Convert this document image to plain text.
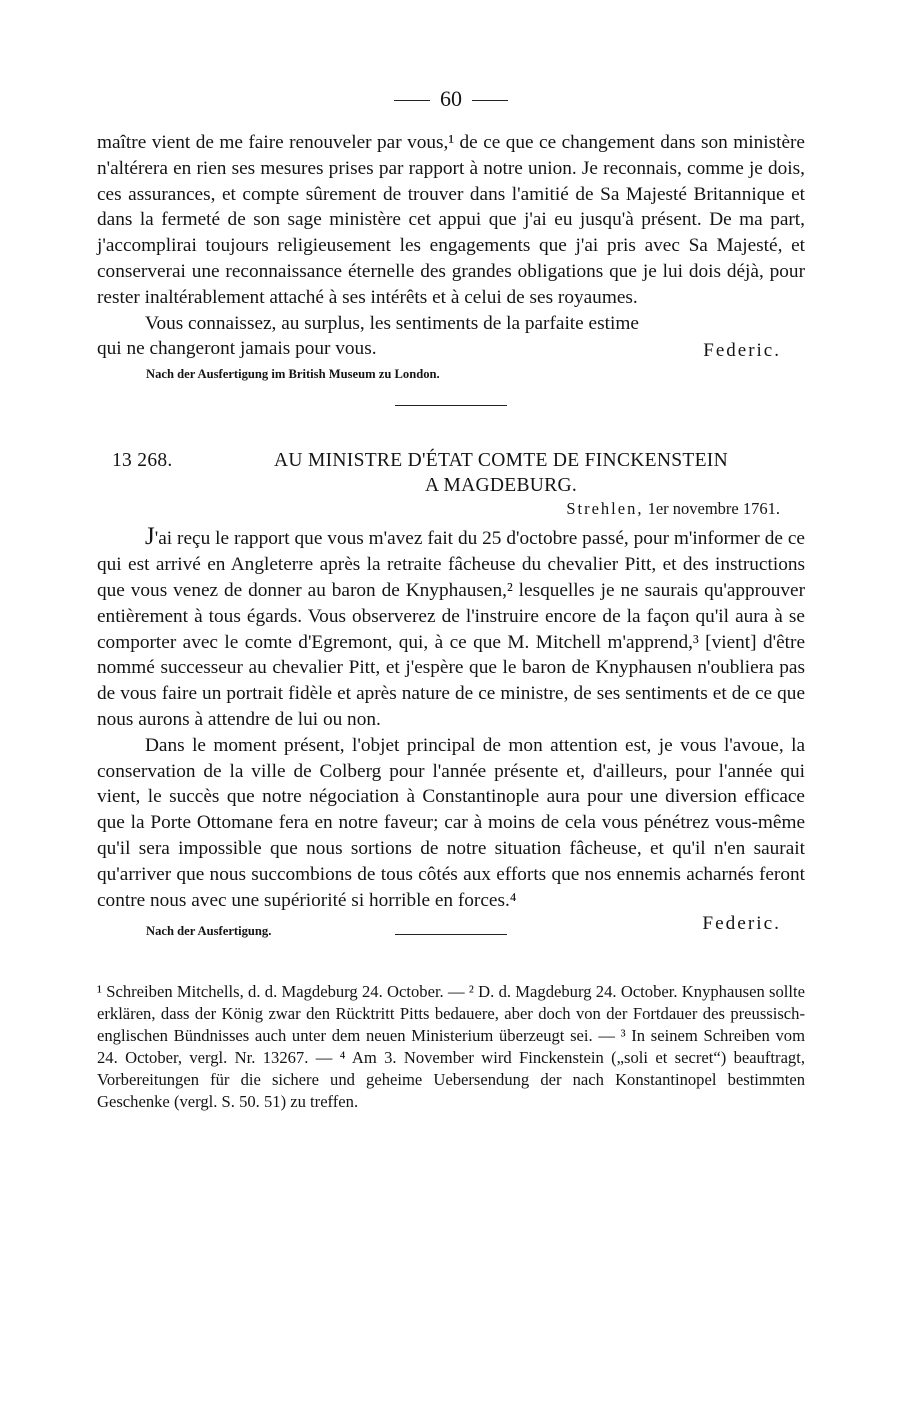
60

maître vient de me faire renouveler par vous,¹ de ce que ce changement dans son ministère n'altérera en rien ses mesures prises par rapport à notre union. Je reconnais, comme je dois, ces assurances, et compte sûrement de trouver dans l'amitié de Sa Majesté Britannique et dans la fermeté de son sage ministère cet appui que j'ai eu jusqu'à présent. De ma part, j'accomplirai toujours religieusement les engagements que j'ai pris avec Sa Majesté, et conserverai une reconnaissance éternelle des grandes obligations que je lui dois déjà, pour rester inaltérablement attaché à ses intérêts et à celui de ses royaumes.

Vous connaissez, au surplus, les sentiments de la parfaite estime

qui ne changeront jamais pour vous.	Federic.
Nach der Ausfertigung im British Museum zu London.
13 268.	AU MINISTRE D'ÉTAT COMTE DE FINCKENSTEIN
A MAGDEBURG.
Strehlen, 1er novembre 1761.

J'ai reçu le rapport que vous m'avez fait du 25 d'octobre passé, pour m'informer de ce qui est arrivé en Angleterre après la retraite fâcheuse du chevalier Pitt, et des instructions que vous venez de donner au baron de Knyphausen,² lesquelles je ne saurais qu'approuver entièrement à tous égards. Vous observerez de l'instruire encore de la façon qu'il aura à se comporter avec le comte d'Egremont, qui, à ce que M. Mitchell m'apprend,³ [vient] d'être nommé successeur au chevalier Pitt, et j'espère que le baron de Knyphausen n'oubliera pas de vous faire un portrait fidèle et après nature de ce ministre, de ses sentiments et de ce que nous aurons à attendre de lui ou non.

Dans le moment présent, l'objet principal de mon attention est, je vous l'avoue, la conservation de la ville de Colberg pour l'année présente et, d'ailleurs, pour l'année qui vient, le succès que notre négociation à Constantinople aura pour une diversion efficace que la Porte Ottomane fera en notre faveur; car à moins de cela vous pénétrez vous-même qu'il sera impossible que nous sortions de notre situation fâcheuse, et qu'il n'en saurait qu'arriver que nous succombions de tous côtés aux efforts que nos ennemis acharnés feront contre nous avec une supériorité si horrible en forces.⁴

Nach der Ausfertigung.	Federic.

¹ Schreiben Mitchells, d. d. Magdeburg 24. October. — ² D. d. Magdeburg 24. October. Knyphausen sollte erklären, dass der König zwar den Rücktritt Pitts bedauere, aber doch von der Fortdauer des preussisch-englischen Bündnisses auch unter dem neuen Ministerium überzeugt sei. — ³ In seinem Schreiben vom 24. October, vergl. Nr. 13267. — ⁴ Am 3. November wird Finckenstein („soli et secret“) beauftragt, Vorbereitungen für die sichere und geheime Uebersendung der nach Konstantinopel bestimmten Geschenke (vergl. S. 50. 51) zu treffen.
